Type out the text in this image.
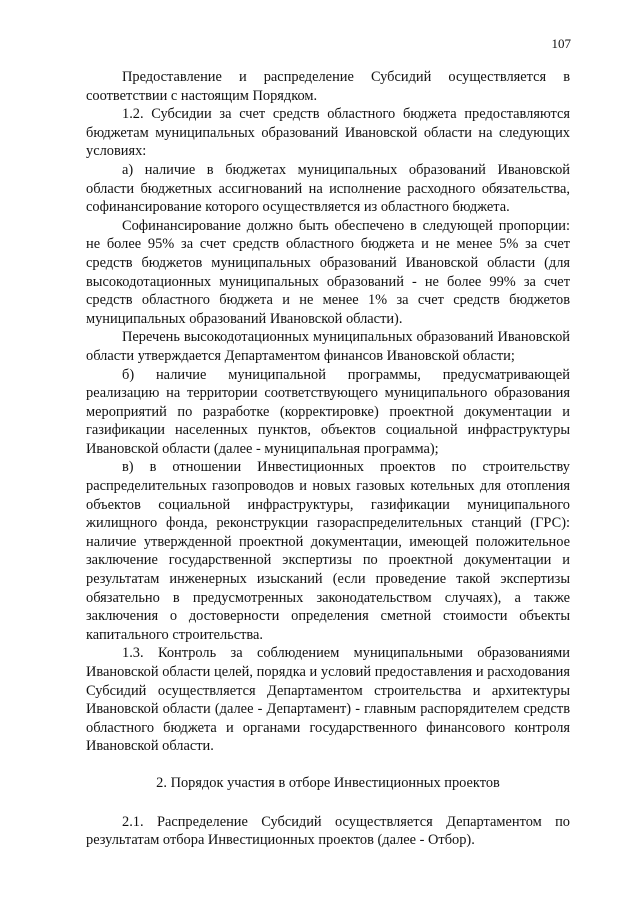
107

Предоставление и распределение Субсидий осуществляется в соответствии с настоящим Порядком.

1.2. Субсидии за счет средств областного бюджета предоставляются бюджетам муниципальных образований Ивановской области на следующих условиях:

а) наличие в бюджетах муниципальных образований Ивановской области бюджетных ассигнований на исполнение расходного обязательства, софинансирование которого осуществляется из областного бюджета.

Софинансирование должно быть обеспечено в следующей пропорции: не более 95% за счет средств областного бюджета и не менее 5% за счет средств бюджетов муниципальных образований Ивановской области (для высокодотационных муниципальных образований - не более 99% за счет средств областного бюджета и не менее 1% за счет средств бюджетов муниципальных образований Ивановской области).

Перечень высокодотационных муниципальных образований Ивановской области утверждается Департаментом финансов Ивановской области;

б) наличие муниципальной программы, предусматривающей реализацию на территории соответствующего муниципального образования мероприятий по разработке (корректировке) проектной документации и газификации населенных пунктов, объектов социальной инфраструктуры Ивановской области (далее - муниципальная программа);

в) в отношении Инвестиционных проектов по строительству распределительных газопроводов и новых газовых котельных для отопления объектов социальной инфраструктуры, газификации муниципального жилищного фонда, реконструкции газораспределительных станций (ГРС): наличие утвержденной проектной документации, имеющей положительное заключение государственной экспертизы по проектной документации и результатам инженерных изысканий (если проведение такой экспертизы обязательно в предусмотренных законодательством случаях), а также заключения о достоверности определения сметной стоимости объекты капитального строительства.

1.3. Контроль за соблюдением муниципальными образованиями Ивановской области целей, порядка и условий предоставления и расходования Субсидий осуществляется Департаментом строительства и архитектуры Ивановской области (далее - Департамент) - главным распорядителем средств областного бюджета и органами государственного финансового контроля Ивановской области.

2. Порядок участия в отборе Инвестиционных проектов

2.1. Распределение Субсидий осуществляется Департаментом по результатам отбора Инвестиционных проектов (далее - Отбор).
